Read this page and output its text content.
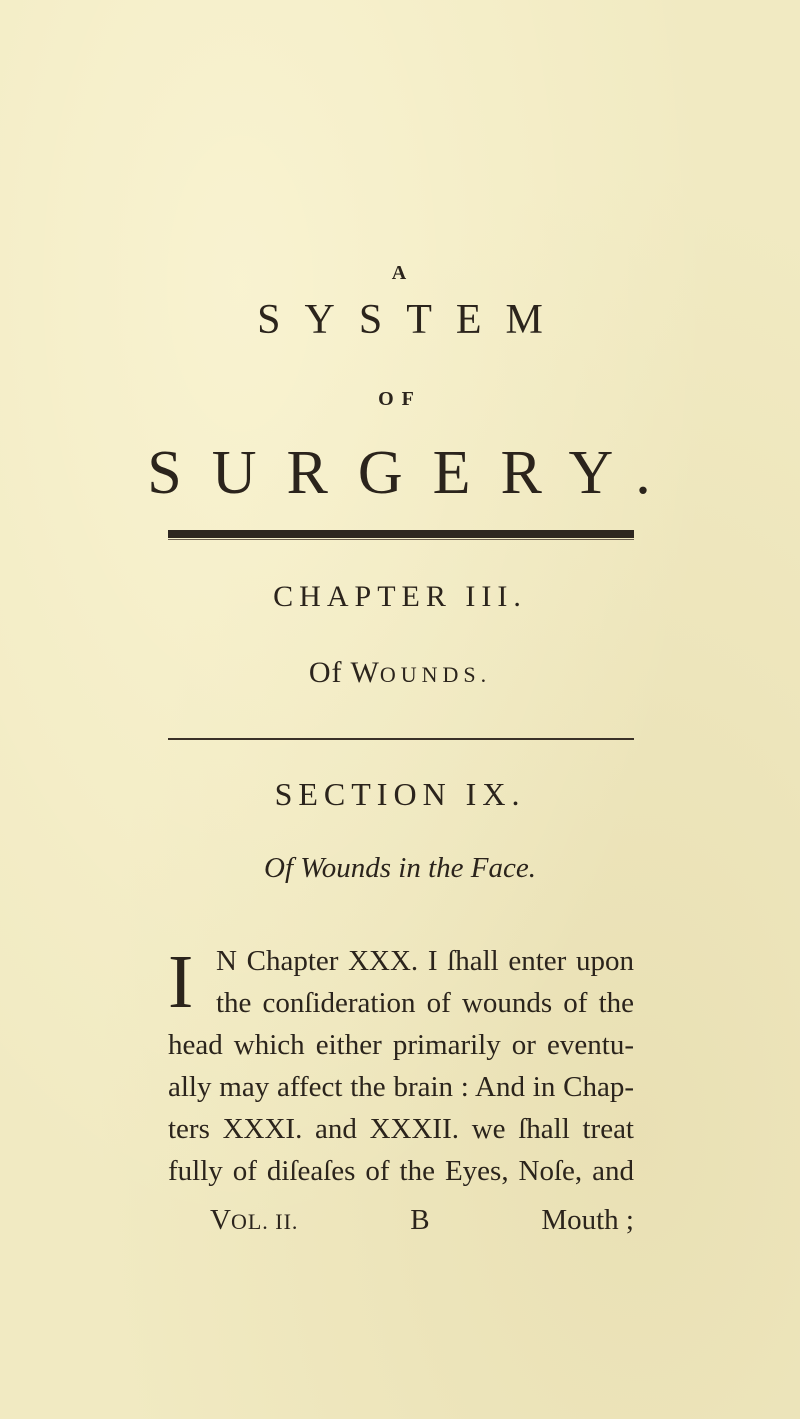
A
SYSTEM
OF
SURGERY.
CHAPTER III.
Of WOUNDS.
SECTION IX.
Of Wounds in the Face.
I N Chapter XXX. I ſhall enter upon
the conſideration of wounds of the
head which either primarily or eventu-
ally may affect the brain : And in Chap-
ters XXXI. and XXXII. we ſhall treat
fully of diſeaſes of the Eyes, Noſe, and
VOL. II.	B	Mouth ;
